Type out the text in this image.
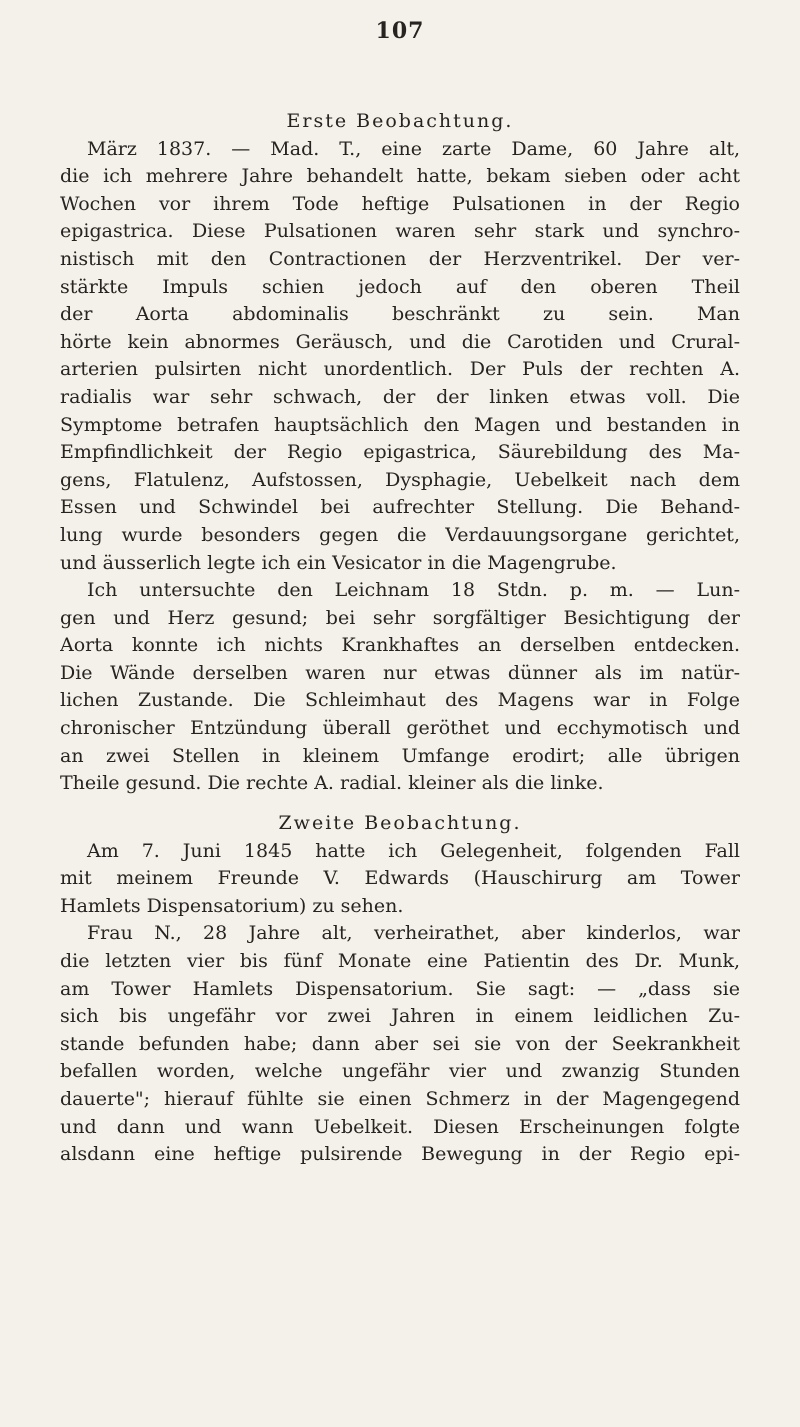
107
Erste Beobachtung.
März 1837. — Mad. T., eine zarte Dame, 60 Jahre alt,
die ich mehrere Jahre behandelt hatte, bekam sieben oder acht
Wochen vor ihrem Tode heftige Pulsationen in der Regio
epigastrica. Diese Pulsationen waren sehr stark und synchro-
nistisch mit den Contractionen der Herzventrikel. Der ver-
stärkte Impuls schien jedoch auf den oberen Theil
der Aorta abdominalis beschränkt zu sein. Man
hörte kein abnormes Geräusch, und die Carotiden und Crural-
arterien pulsirten nicht unordentlich. Der Puls der rechten A.
radialis war sehr schwach, der der linken etwas voll. Die
Symptome betrafen hauptsächlich den Magen und bestanden in
Empfindlichkeit der Regio epigastrica, Säurebildung des Ma-
gens, Flatulenz, Aufstossen, Dysphagie, Uebelkeit nach dem
Essen und Schwindel bei aufrechter Stellung. Die Behand-
lung wurde besonders gegen die Verdauungsorgane gerichtet,
und äusserlich legte ich ein Vesicator in die Magengrube.
Ich untersuchte den Leichnam 18 Stdn. p. m. — Lun-
gen und Herz gesund; bei sehr sorgfältiger Besichtigung der
Aorta konnte ich nichts Krankhaftes an derselben entdecken.
Die Wände derselben waren nur etwas dünner als im natür-
lichen Zustande. Die Schleimhaut des Magens war in Folge
chronischer Entzündung überall geröthet und ecchymotisch und
an zwei Stellen in kleinem Umfange erodirt; alle übrigen
Theile gesund. Die rechte A. radial. kleiner als die linke.
Zweite Beobachtung.
Am 7. Juni 1845 hatte ich Gelegenheit, folgenden Fall
mit meinem Freunde V. Edwards (Hauschirurg am Tower
Hamlets Dispensatorium) zu sehen.
Frau N., 28 Jahre alt, verheirathet, aber kinderlos, war
die letzten vier bis fünf Monate eine Patientin des Dr. Munk,
am Tower Hamlets Dispensatorium. Sie sagt: — „dass sie
sich bis ungefähr vor zwei Jahren in einem leidlichen Zu-
stande befunden habe; dann aber sei sie von der Seekrankheit
befallen worden, welche ungefähr vier und zwanzig Stunden
dauerte"; hierauf fühlte sie einen Schmerz in der Magengegend
und dann und wann Uebelkeit. Diesen Erscheinungen folgte
alsdann eine heftige pulsirende Bewegung in der Regio epi-
